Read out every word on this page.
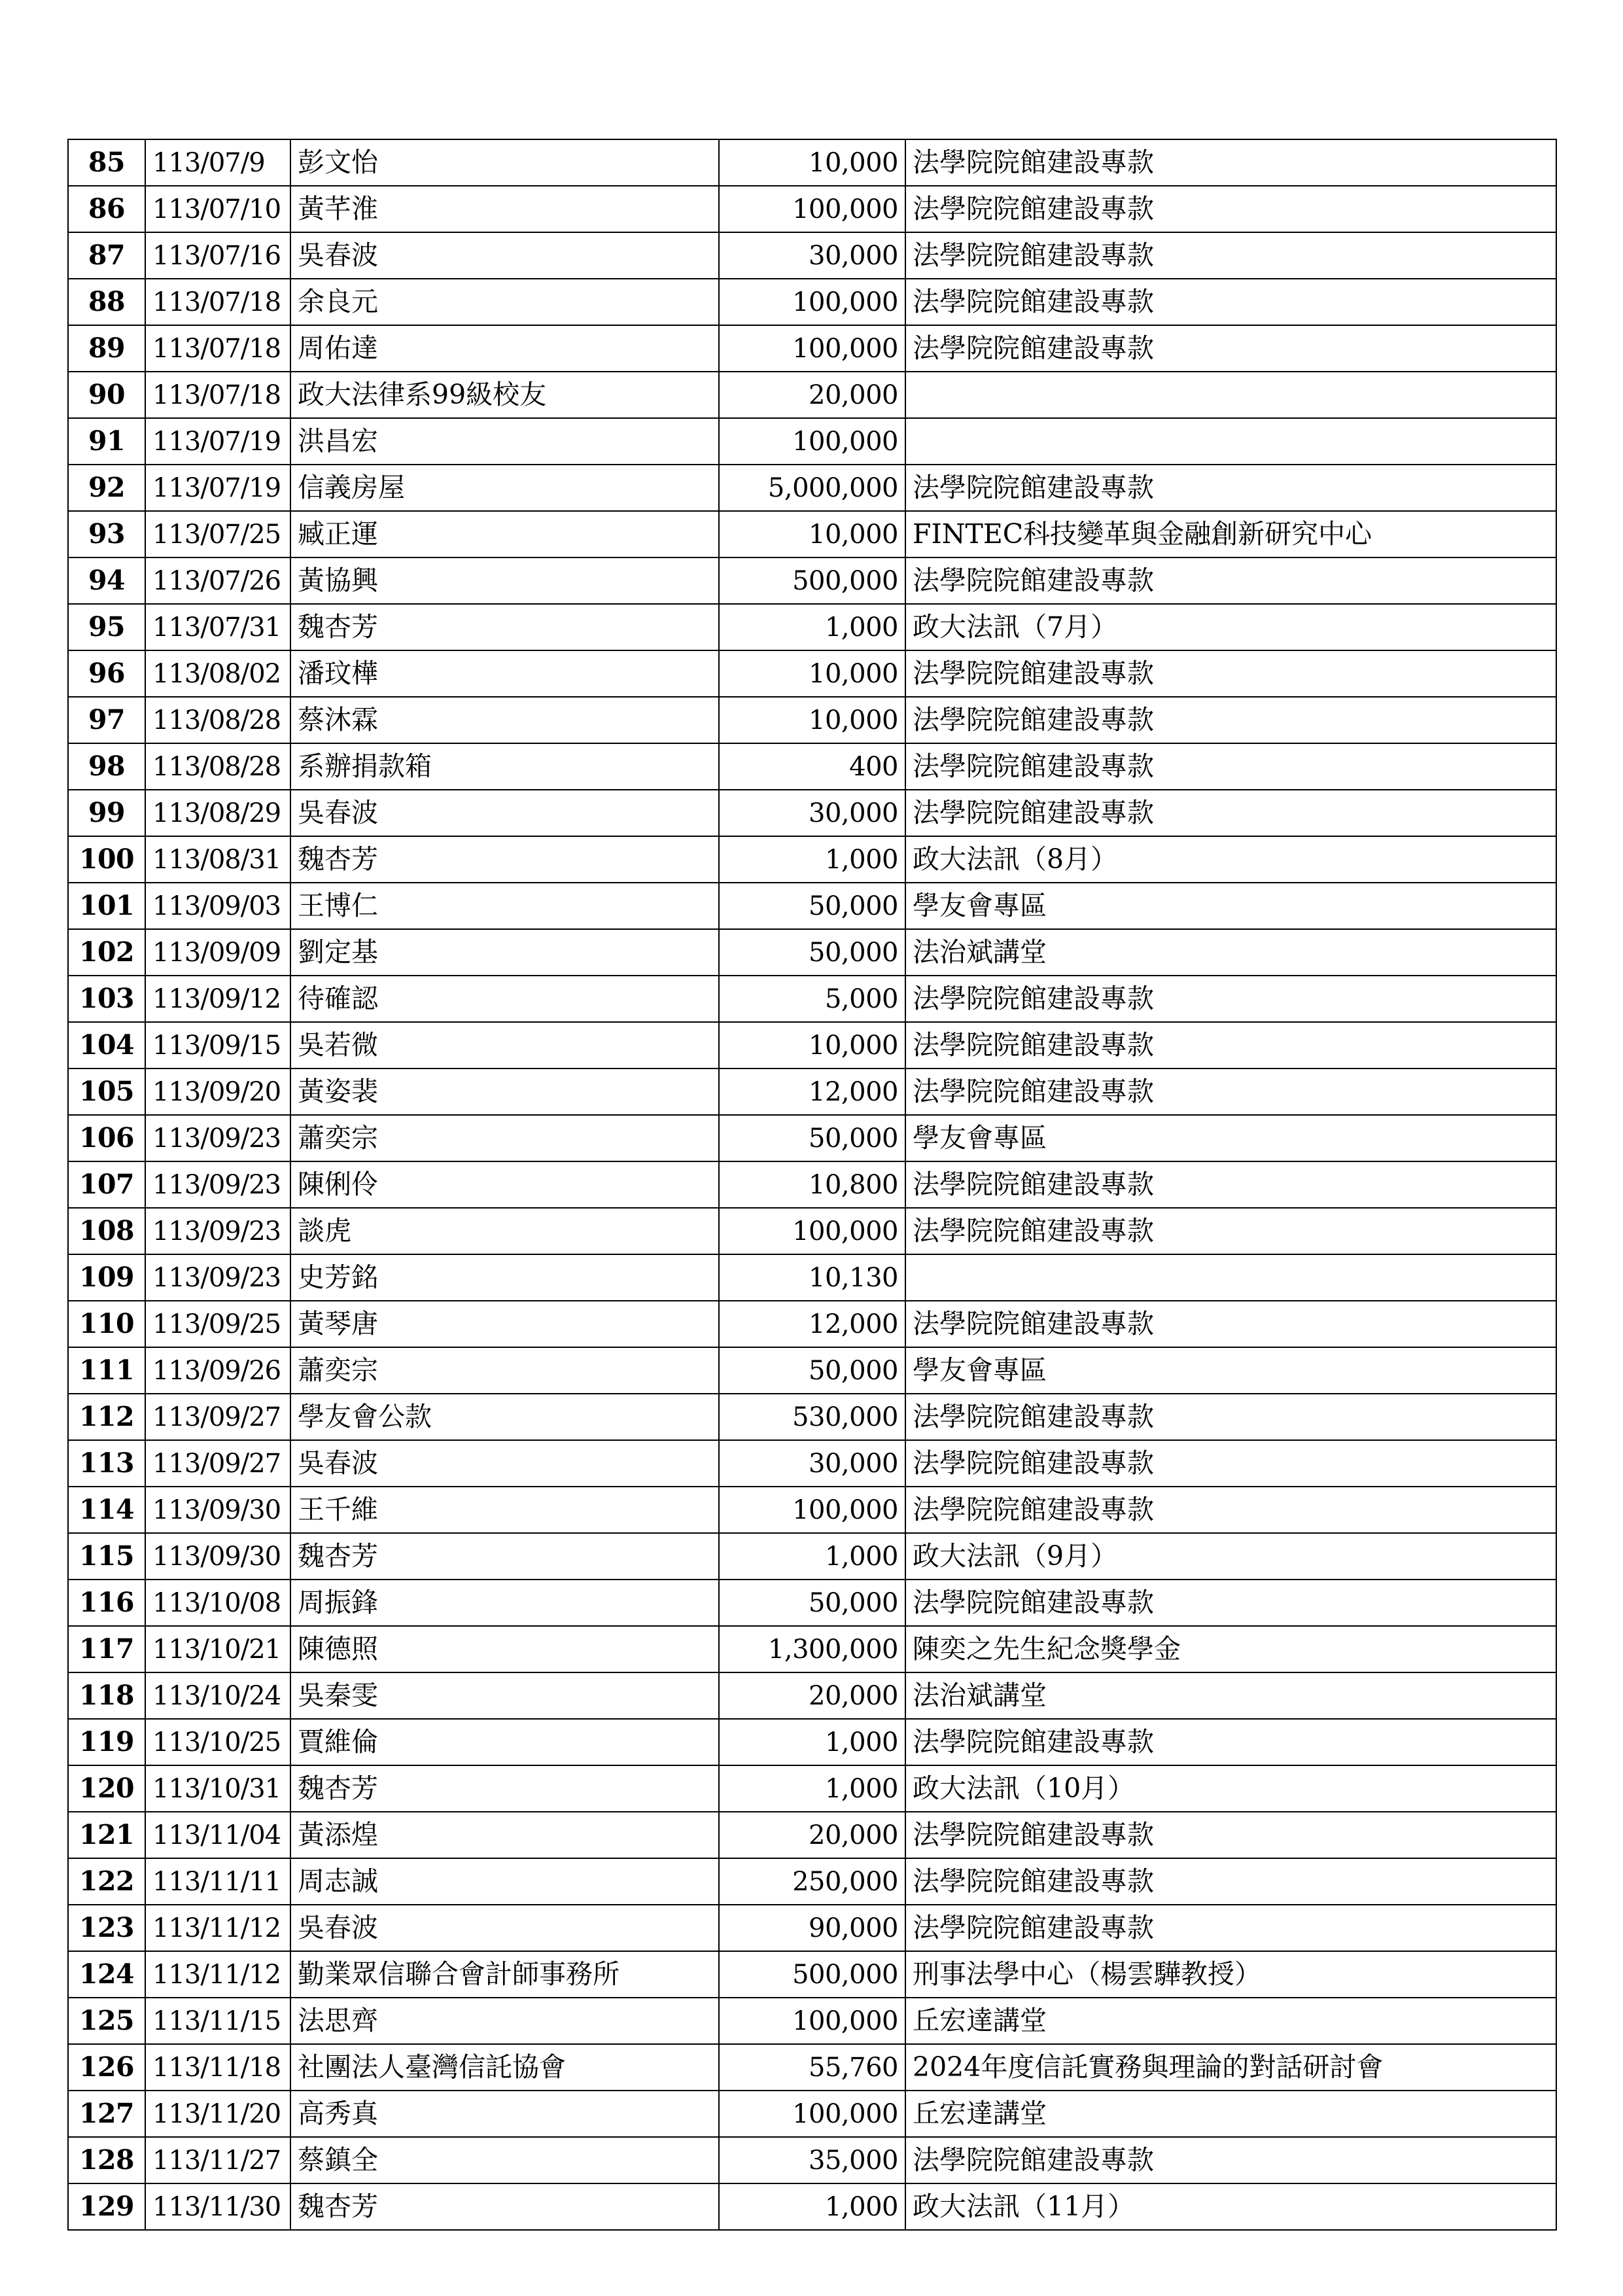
85	113/07/9	彭文怡	10,000	法學院院館建設專款
86	113/07/10	黃芊淮	100,000	法學院院館建設專款
87	113/07/16	吳春波	30,000	法學院院館建設專款
88	113/07/18	余良元	100,000	法學院院館建設專款
89	113/07/18	周佑達	100,000	法學院院館建設專款
90	113/07/18	政大法律系99級校友	20,000	
91	113/07/19	洪昌宏	100,000	
92	113/07/19	信義房屋	5,000,000	法學院院館建設專款
93	113/07/25	臧正運	10,000	FINTEC科技變革與金融創新研究中心
94	113/07/26	黃協興	500,000	法學院院館建設專款
95	113/07/31	魏杏芳	1,000	政大法訊（7月）
96	113/08/02	潘玟樺	10,000	法學院院館建設專款
97	113/08/28	蔡沐霖	10,000	法學院院館建設專款
98	113/08/28	系辦捐款箱	400	法學院院館建設專款
99	113/08/29	吳春波	30,000	法學院院館建設專款
100	113/08/31	魏杏芳	1,000	政大法訊（8月）
101	113/09/03	王博仁	50,000	學友會專區
102	113/09/09	劉定基	50,000	法治斌講堂
103	113/09/12	待確認	5,000	法學院院館建設專款
104	113/09/15	吳若微	10,000	法學院院館建設專款
105	113/09/20	黃姿裴	12,000	法學院院館建設專款
106	113/09/23	蕭奕宗	50,000	學友會專區
107	113/09/23	陳俐伶	10,800	法學院院館建設專款
108	113/09/23	談虎	100,000	法學院院館建設專款
109	113/09/23	史芳銘	10,130	
110	113/09/25	黃琴唐	12,000	法學院院館建設專款
111	113/09/26	蕭奕宗	50,000	學友會專區
112	113/09/27	學友會公款	530,000	法學院院館建設專款
113	113/09/27	吳春波	30,000	法學院院館建設專款
114	113/09/30	王千維	100,000	法學院院館建設專款
115	113/09/30	魏杏芳	1,000	政大法訊（9月）
116	113/10/08	周振鋒	50,000	法學院院館建設專款
117	113/10/21	陳德照	1,300,000	陳奕之先生紀念獎學金
118	113/10/24	吳秦雯	20,000	法治斌講堂
119	113/10/25	賈維倫	1,000	法學院院館建設專款
120	113/10/31	魏杏芳	1,000	政大法訊（10月）
121	113/11/04	黃添煌	20,000	法學院院館建設專款
122	113/11/11	周志誠	250,000	法學院院館建設專款
123	113/11/12	吳春波	90,000	法學院院館建設專款
124	113/11/12	勤業眾信聯合會計師事務所	500,000	刑事法學中心（楊雲驊教授）
125	113/11/15	法思齊	100,000	丘宏達講堂
126	113/11/18	社團法人臺灣信託協會	55,760	2024年度信託實務與理論的對話研討會
127	113/11/20	高秀真	100,000	丘宏達講堂
128	113/11/27	蔡鎮全	35,000	法學院院館建設專款
129	113/11/30	魏杏芳	1,000	政大法訊（11月）
